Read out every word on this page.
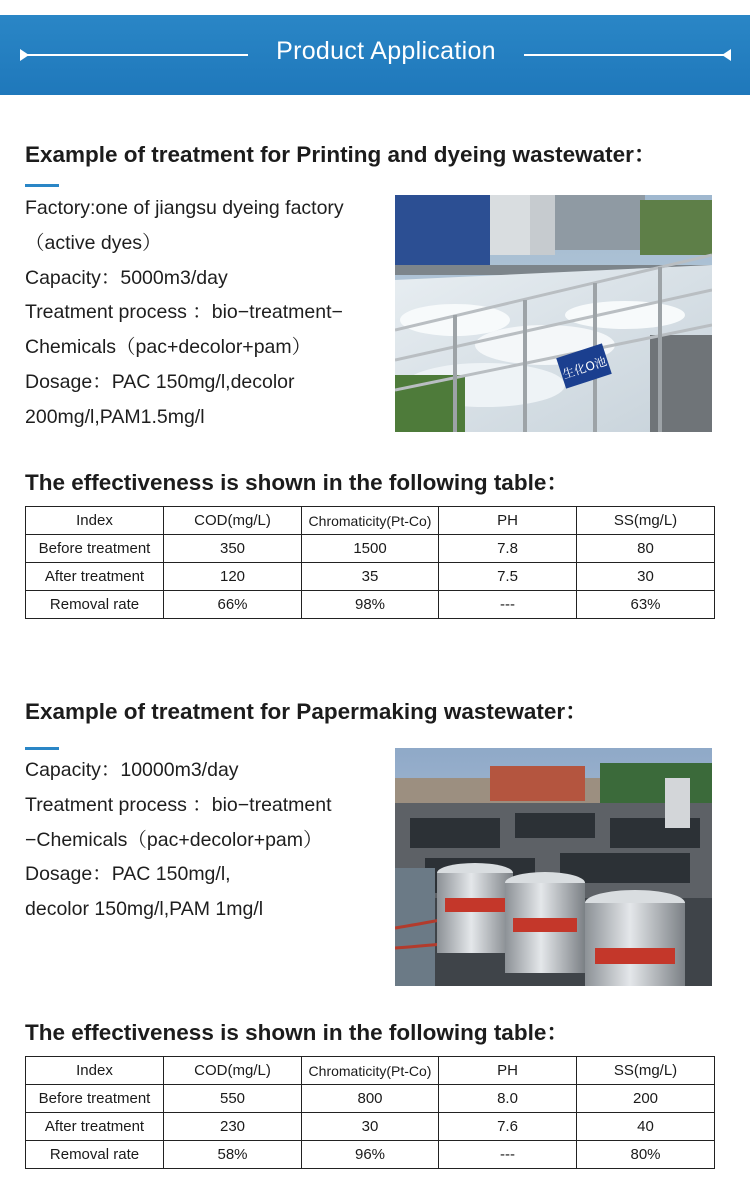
Product Application
Example of treatment for Printing and dyeing wastewater：
Factory:one of jiangsu dyeing factory
（active dyes）
Capacity：5000m3/day
Treatment process ：bio−treatment−
Chemicals（pac+decolor+pam）
Dosage：PAC 150mg/l,decolor
200mg/l,PAM1.5mg/l
生化O池
The effectiveness is shown in the following table：
Index	COD(mg/L)	Chromaticity(Pt-Co)	PH	SS(mg/L)
Before treatment	350	1500	7.8	80
After treatment	120	35	7.5	30
Removal rate	66%	98%	---	63%
Example of treatment for Papermaking wastewater：
Capacity：10000m3/day
Treatment process ：bio−treatment
−Chemicals（pac+decolor+pam）
Dosage：PAC 150mg/l,
decolor 150mg/l,PAM 1mg/l
The effectiveness is shown in the following table：
Index	COD(mg/L)	Chromaticity(Pt-Co)	PH	SS(mg/L)
Before treatment	550	800	8.0	200
After treatment	230	30	7.6	40
Removal rate	58%	96%	---	80%
